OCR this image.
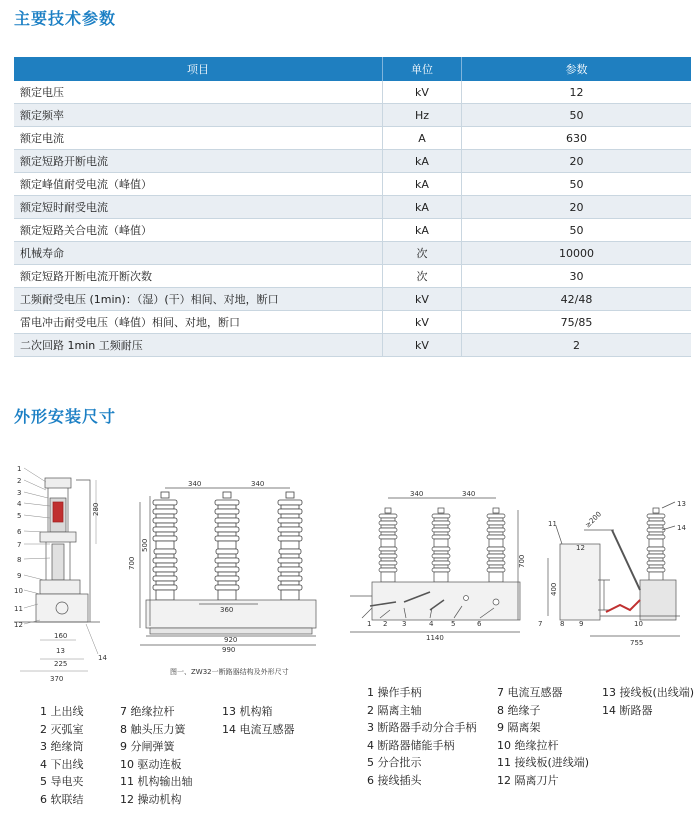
主要技术参数
项目	单位	参数
额定电压	kV	12
额定频率	Hz	50
额定电流	A	630
额定短路开断电流	kA	20
额定峰值耐受电流（峰值）	kA	50
额定短时耐受电流	kA	20
额定短路关合电流（峰值）	kA	50
机械寿命	次	10000
额定短路开断电流开断次数	次	30
工频耐受电压 (1min)：（湿）(干）相间、对地，断口	kV	42/48
雷电冲击耐受电压（峰值）相间、对地，断口	kV	75/85
二次回路 1min 工频耐压	kV	2
外形安装尺寸
1
2
3
4
5
6
7
8
9
10
11
12
14
280
160
13
225
370
340	340
700
500
360
920
990
340	340
700
1140
1 2 3	4	5	6
11
12
13
14
7	8 9	10
≥200
400
755
图一、ZW32一断路器结构及外形尺寸
1 上出线
2 灭弧室
3 绝缘筒
4 下出线
5 导电夹
6 软联结
7 绝缘拉杆
8 触头压力簧
9 分闸弹簧
10 驱动连板
11 机构输出轴
12 操动机构
13 机构箱
14 电流互感器
1 操作手柄
2 隔离主轴
3 断路器手动分合手柄
4 断路器储能手柄
5 分合批示
6 接线插头
7 电流互感器
8 绝缘子
9 隔离架
10 绝缘拉杆
11 接线板(进线端)
12 隔离刀片
13 接线板(出线端)
14 断路器
